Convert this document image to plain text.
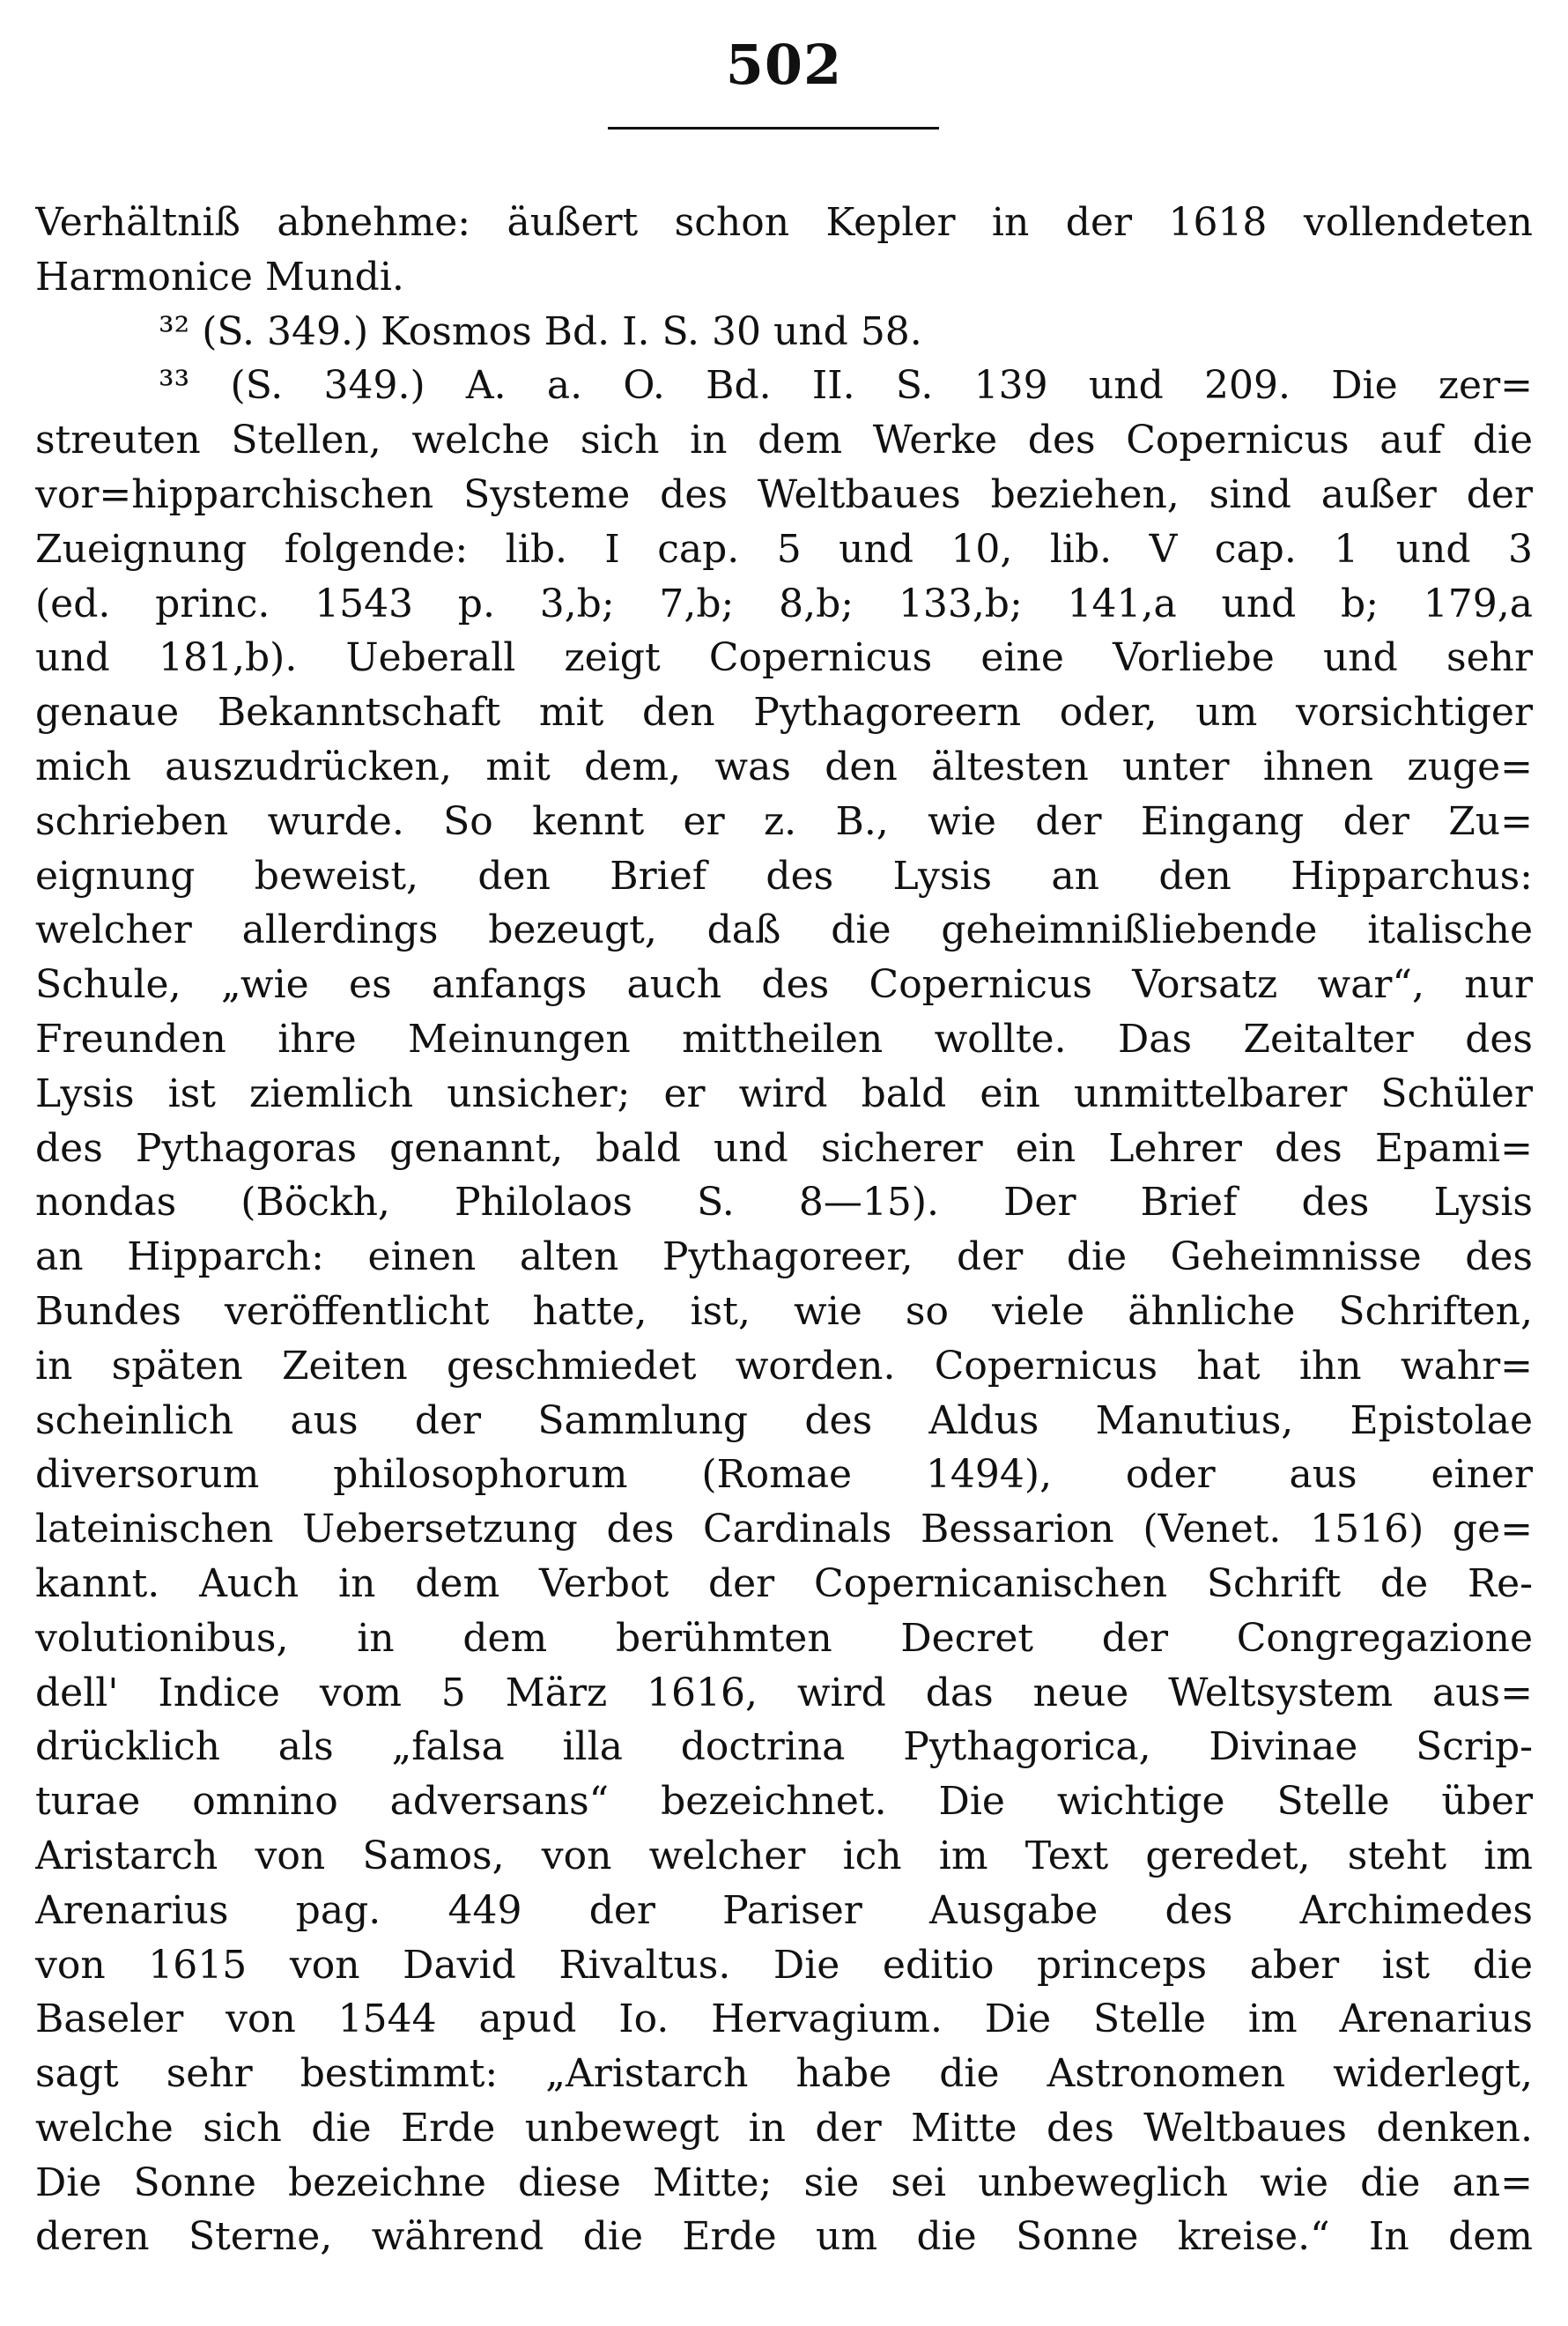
502
Verhältniß abnehme: äußert schon Kepler in der 1618 vollendeten
Harmonice Mundi.
³² (S. 349.) Kosmos Bd. I. S. 30 und 58.
³³ (S. 349.) A. a. O. Bd. II. S. 139 und 209. Die zer=
streuten Stellen, welche sich in dem Werke des Copernicus auf die
vor=hipparchischen Systeme des Weltbaues beziehen, sind außer der
Zueignung folgende: lib. I cap. 5 und 10, lib. V cap. 1 und 3
(ed. princ. 1543 p. 3,b; 7,b; 8,b; 133,b; 141,a und b; 179,a
und 181,b). Ueberall zeigt Copernicus eine Vorliebe und sehr
genaue Bekanntschaft mit den Pythagoreern oder, um vorsichtiger
mich auszudrücken, mit dem, was den ältesten unter ihnen zuge=
schrieben wurde. So kennt er z. B., wie der Eingang der Zu=
eignung beweist, den Brief des Lysis an den Hipparchus:
welcher allerdings bezeugt, daß die geheimnißliebende italische
Schule, „wie es anfangs auch des Copernicus Vorsatz war“, nur
Freunden ihre Meinungen mittheilen wollte. Das Zeitalter des
Lysis ist ziemlich unsicher; er wird bald ein unmittelbarer Schüler
des Pythagoras genannt, bald und sicherer ein Lehrer des Epami=
nondas (Böckh, Philolaos S. 8—15). Der Brief des Lysis
an Hipparch: einen alten Pythagoreer, der die Geheimnisse des
Bundes veröffentlicht hatte, ist, wie so viele ähnliche Schriften,
in späten Zeiten geschmiedet worden. Copernicus hat ihn wahr=
scheinlich aus der Sammlung des Aldus Manutius, Epistolae
diversorum philosophorum (Romae 1494), oder aus einer
lateinischen Uebersetzung des Cardinals Bessarion (Venet. 1516) ge=
kannt. Auch in dem Verbot der Copernicanischen Schrift de Re-
volutionibus, in dem berühmten Decret der Congregazione
dell' Indice vom 5 März 1616, wird das neue Weltsystem aus=
drücklich als „falsa illa doctrina Pythagorica, Divinae Scrip-
turae omnino adversans“ bezeichnet. Die wichtige Stelle über
Aristarch von Samos, von welcher ich im Text geredet, steht im
Arenarius pag. 449 der Pariser Ausgabe des Archimedes
von 1615 von David Rivaltus. Die editio princeps aber ist die
Baseler von 1544 apud Io. Hervagium. Die Stelle im Arenarius
sagt sehr bestimmt: „Aristarch habe die Astronomen widerlegt,
welche sich die Erde unbewegt in der Mitte des Weltbaues denken.
Die Sonne bezeichne diese Mitte; sie sei unbeweglich wie die an=
deren Sterne, während die Erde um die Sonne kreise.“ In dem
